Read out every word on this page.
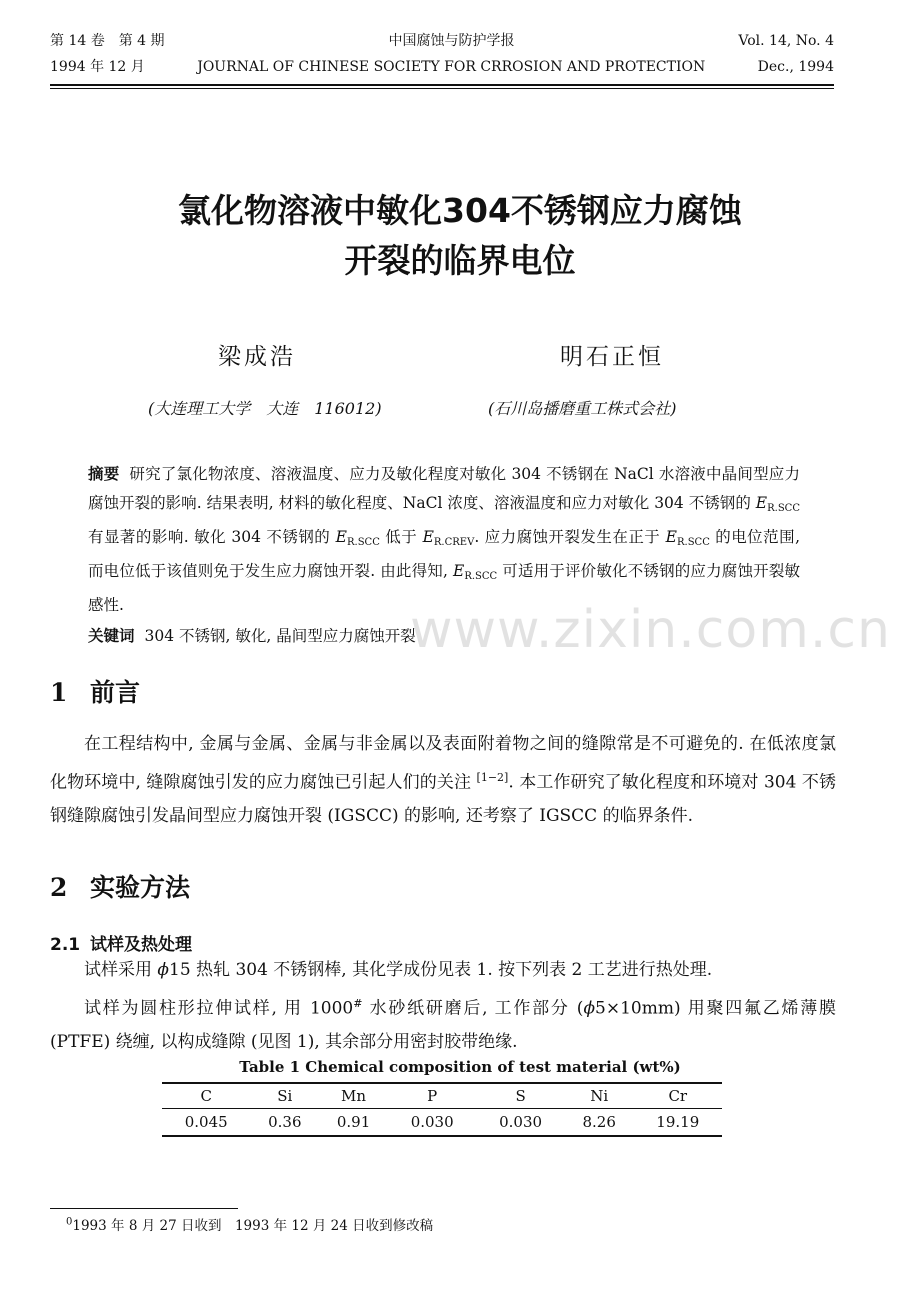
第 14 卷　第 4 期	中国腐蚀与防护学报	Vol. 14, No. 4
1994 年 12 月	JOURNAL OF CHINESE SOCIETY FOR CRROSION AND PROTECTION	Dec., 1994
氯化物溶液中敏化304不锈钢应力腐蚀
开裂的临界电位
梁成浩	明石正恒
(大连理工大学　大连　116012)	(石川岛播磨重工株式会社)
摘要 研究了氯化物浓度、溶液温度、应力及敏化程度对敏化 304 不锈钢在 NaCl 水溶液中晶间型应力腐蚀开裂的影响. 结果表明, 材料的敏化程度、NaCl 浓度、溶液温度和应力对敏化 304 不锈钢的 $E_{R.SCC}$ 有显著的影响. 敏化 304 不锈钢的 $E_{R.SCC}$ 低于 $E_{R.CREV}$. 应力腐蚀开裂发生在正于 $E_{R.SCC}$ 的电位范围, 而电位低于该值则免于发生应力腐蚀开裂. 由此得知, $E_{R.SCC}$ 可适用于评价敏化不锈钢的应力腐蚀开裂敏感性.
关键词 304 不锈钢, 敏化, 晶间型应力腐蚀开裂
www.zixin.com.cn
1 前言

在工程结构中, 金属与金属、金属与非金属以及表面附着物之间的缝隙常是不可避免的. 在低浓度氯化物环境中, 缝隙腐蚀引发的应力腐蚀已引起人们的关注 [1−2]. 本工作研究了敏化程度和环境对 304 不锈钢缝隙腐蚀引发晶间型应力腐蚀开裂 (IGSCC) 的影响, 还考察了 IGSCC 的临界条件.

2 实验方法
2.1 试样及热处理

试样采用 ϕ15 热轧 304 不锈钢棒, 其化学成份见表 1. 按下列表 2 工艺进行热处理.

试样为圆柱形拉伸试样, 用 1000# 水砂纸研磨后, 工作部分 (ϕ5×10mm) 用聚四氟乙烯薄膜 (PTFE) 绕缠, 以构成缝隙 (见图 1), 其余部分用密封胶带绝缘.

Table 1 Chemical composition of test material (wt%)
C	Si	Mn	P	S	Ni	Cr
0.045	0.36	0.91	0.030	0.030	8.26	19.19
$^0$1993 年 8 月 27 日收到　1993 年 12 月 24 日收到修改稿
